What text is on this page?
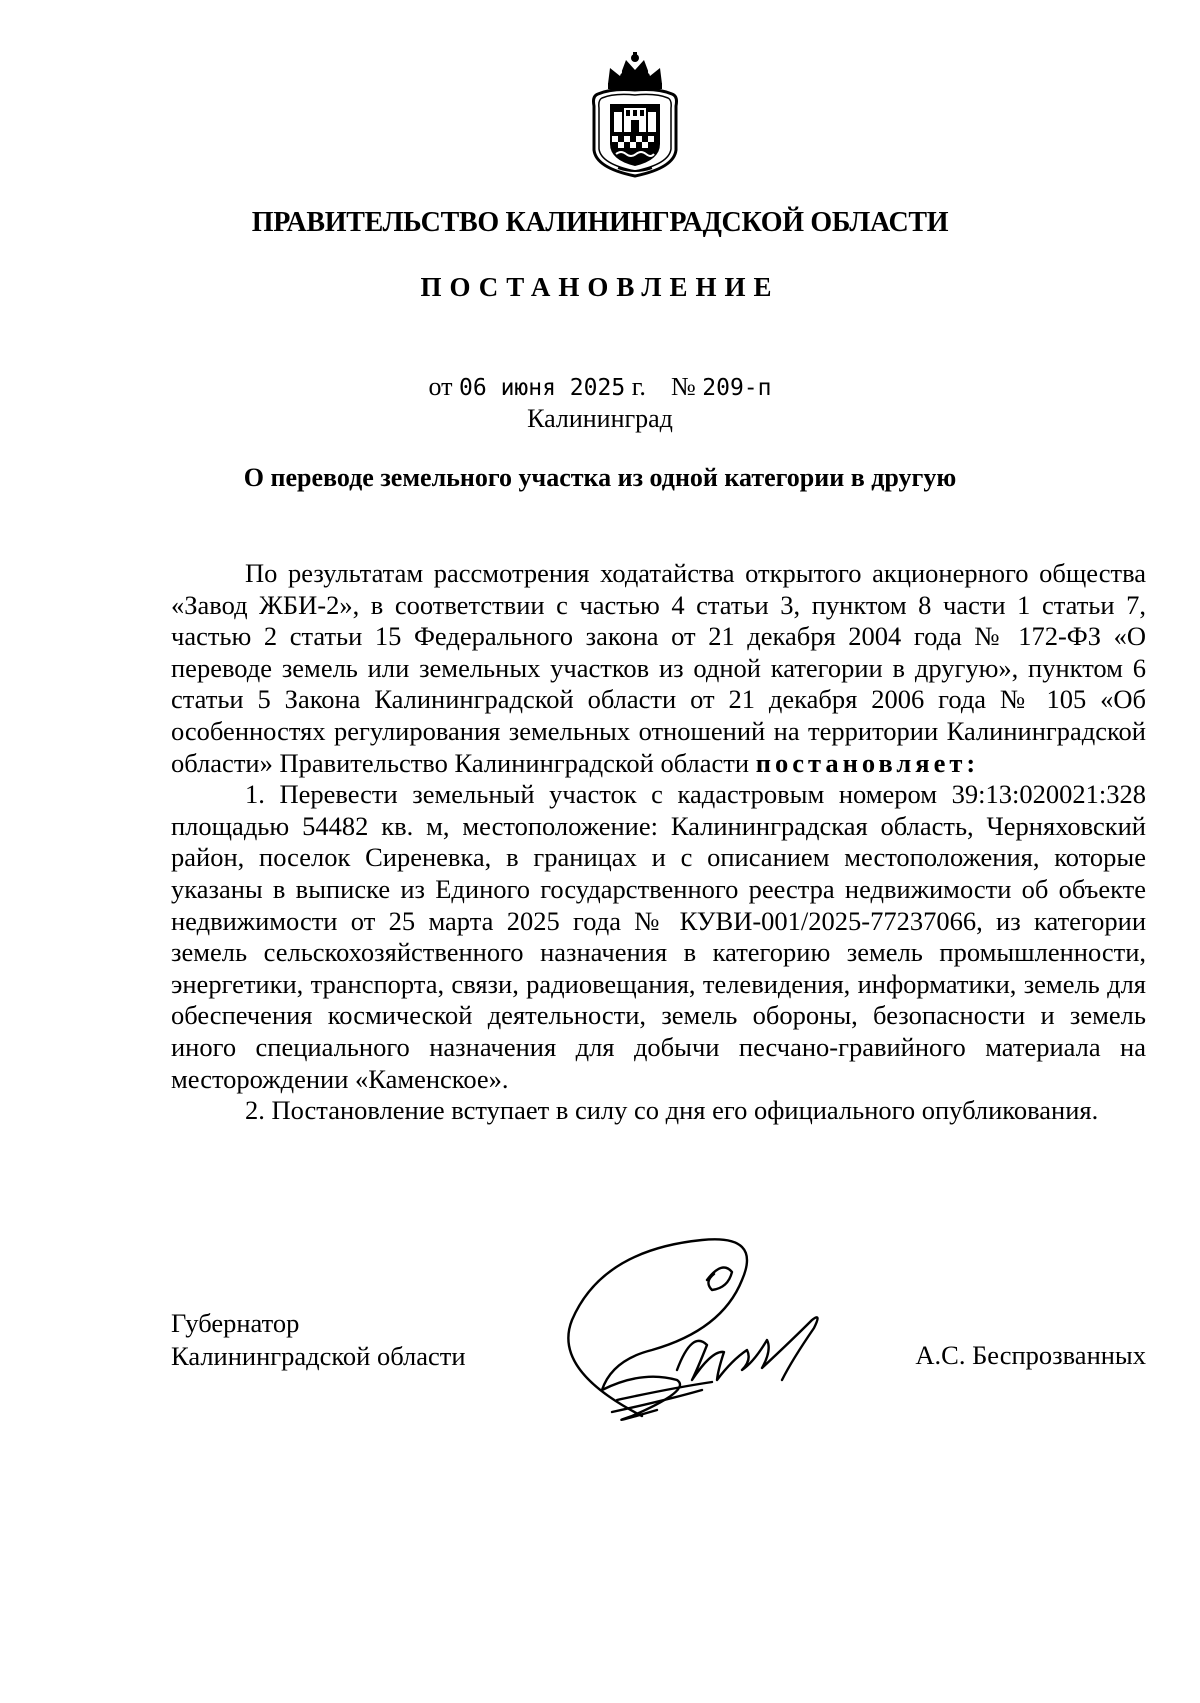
ПРАВИТЕЛЬСТВО КАЛИНИНГРАДСКОЙ ОБЛАСТИ
ПОСТАНОВЛЕНИЕ
от 06 июня 2025 г. № 209-п
Калининград
О переводе земельного участка из одной категории в другую

По результатам рассмотрения ходатайства открытого акционерного общества «Завод ЖБИ-2», в соответствии с частью 4 статьи 3, пунктом 8 части 1 статьи 7, частью 2 статьи 15 Федерального закона от 21 декабря 2004 года № 172-ФЗ «О переводе земель или земельных участков из одной категории в другую», пунктом 6 статьи 5 Закона Калининградской области от 21 декабря 2006 года № 105 «Об особенностях регулирования земельных отношений на территории Калининградской области» Правительство Калининградской области постановляет:

1. Перевести земельный участок с кадастровым номером 39:13:020021:328 площадью 54482 кв. м, местоположение: Калининградская область, Черняховский район, поселок Сиреневка, в границах и с описанием местоположения, которые указаны в выписке из Единого государственного реестра недвижимости об объекте недвижимости от 25 марта 2025 года № КУВИ-001/2025-77237066, из категории земель сельскохозяйственного назначения в категорию земель промышленности, энергетики, транспорта, связи, радиовещания, телевидения, информатики, земель для обеспечения космической деятельности, земель обороны, безопасности и земель иного специального назначения для добычи песчано-гравийного материала на месторождении «Каменское».

2. Постановление вступает в силу со дня его официального опубликования.

Губернатор
Калининградской области	А.С. Беспрозванных
